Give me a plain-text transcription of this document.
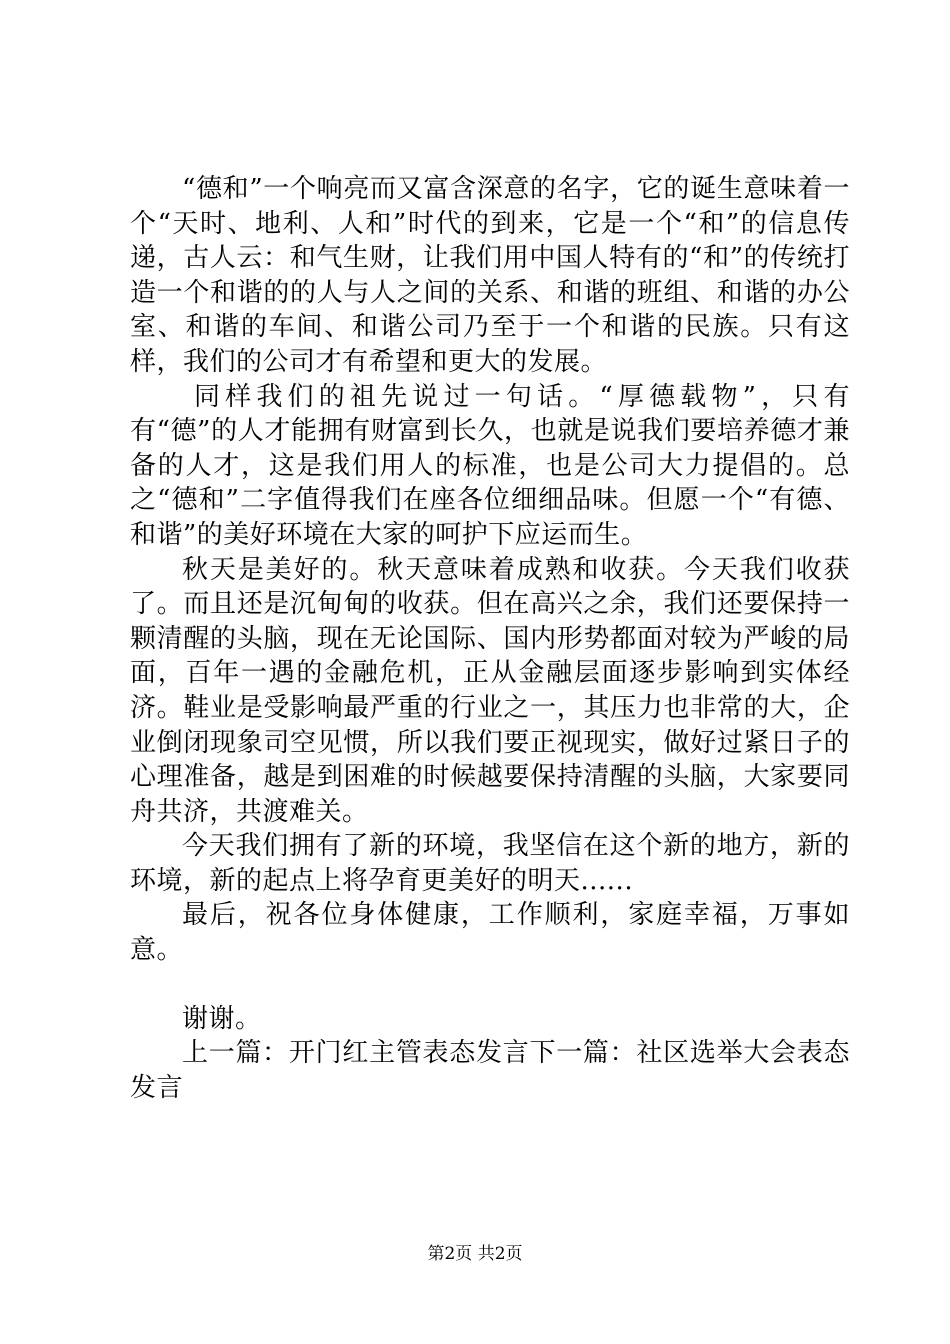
“德和”一个响亮而又富含深意的名字，它的诞生意味着一个“天时、地利、人和”时代的到来，它是一个“和”的信息传递，古人云：和气生财，让我们用中国人特有的“和”的传统打造一个和谐的的人与人之间的关系、和谐的班组、和谐的办公室、和谐的车间、和谐公司乃至于一个和谐的民族。只有这样，我们的公司才有希望和更大的发展。

同样我们的祖先说过一句话。“厚德载物”，只有有“德”的人才能拥有财富到长久，也就是说我们要培养德才兼备的人才，这是我们用人的标准，也是公司大力提倡的。总之“德和”二字值得我们在座各位细细品味。但愿一个“有德、和谐”的美好环境在大家的呵护下应运而生。

秋天是美好的。秋天意味着成熟和收获。今天我们收获了。而且还是沉甸甸的收获。但在高兴之余，我们还要保持一颗清醒的头脑，现在无论国际、国内形势都面对较为严峻的局面，百年一遇的金融危机，正从金融层面逐步影响到实体经济。鞋业是受影响最严重的行业之一，其压力也非常的大，企业倒闭现象司空见惯，所以我们要正视现实，做好过紧日子的心理准备，越是到困难的时候越要保持清醒的头脑，大家要同舟共济，共渡难关。

今天我们拥有了新的环境，我坚信在这个新的地方，新的环境，新的起点上将孕育更美好的明天......

最后，祝各位身体健康，工作顺利，家庭幸福，万事如意。

谢谢。

上一篇：开门红主管表态发言下一篇：社区选举大会表态发言

第2页 共2页
